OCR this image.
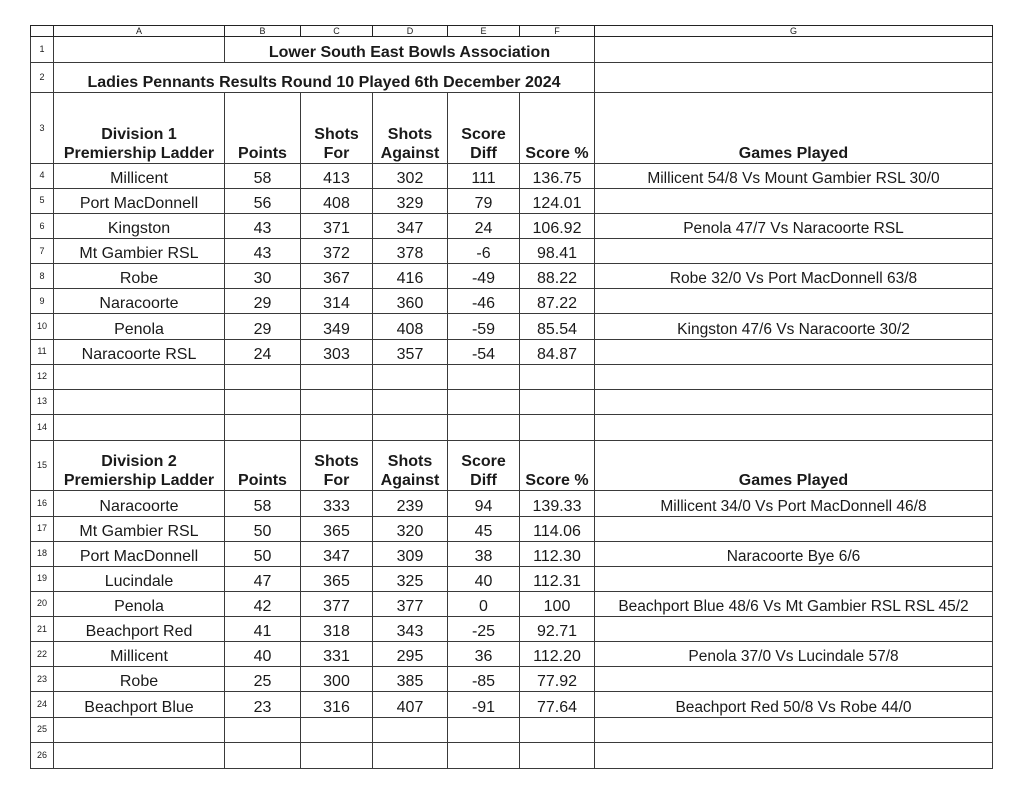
	A	B	C	D	E	F	G
1		Lower South East Bowls Association					
2	Ladies Pennants Results Round 10 Played 6th December 2024						
3	Division 1 Premiership Ladder	Points	Shots For	Shots Against	Score Diff	Score %	Games Played
4	Millicent	58	413	302	111	136.75	Millicent 54/8 Vs Mount Gambier RSL 30/0
5	Port MacDonnell	56	408	329	79	124.01	
6	Kingston	43	371	347	24	106.92	Penola 47/7 Vs Naracoorte RSL
7	Mt Gambier RSL	43	372	378	-6	98.41	
8	Robe	30	367	416	-49	88.22	Robe 32/0 Vs Port MacDonnell 63/8
9	Naracoorte	29	314	360	-46	87.22	
10	Penola	29	349	408	-59	85.54	Kingston 47/6 Vs Naracoorte 30/2
11	Naracoorte RSL	24	303	357	-54	84.87	
12							
13							
14							
15	Division 2 Premiership Ladder	Points	Shots For	Shots Against	Score Diff	Score %	Games Played
16	Naracoorte	58	333	239	94	139.33	Millicent 34/0 Vs Port MacDonnell 46/8
17	Mt Gambier RSL	50	365	320	45	114.06	
18	Port MacDonnell	50	347	309	38	112.30	Naracoorte Bye 6/6
19	Lucindale	47	365	325	40	112.31	
20	Penola	42	377	377	0	100	Beachport Blue 48/6 Vs Mt Gambier RSL RSL 45/2
21	Beachport Red	41	318	343	-25	92.71	
22	Millicent	40	331	295	36	112.20	Penola 37/0 Vs Lucindale 57/8
23	Robe	25	300	385	-85	77.92	
24	Beachport Blue	23	316	407	-91	77.64	Beachport Red 50/8 Vs Robe 44/0
25							
26							
